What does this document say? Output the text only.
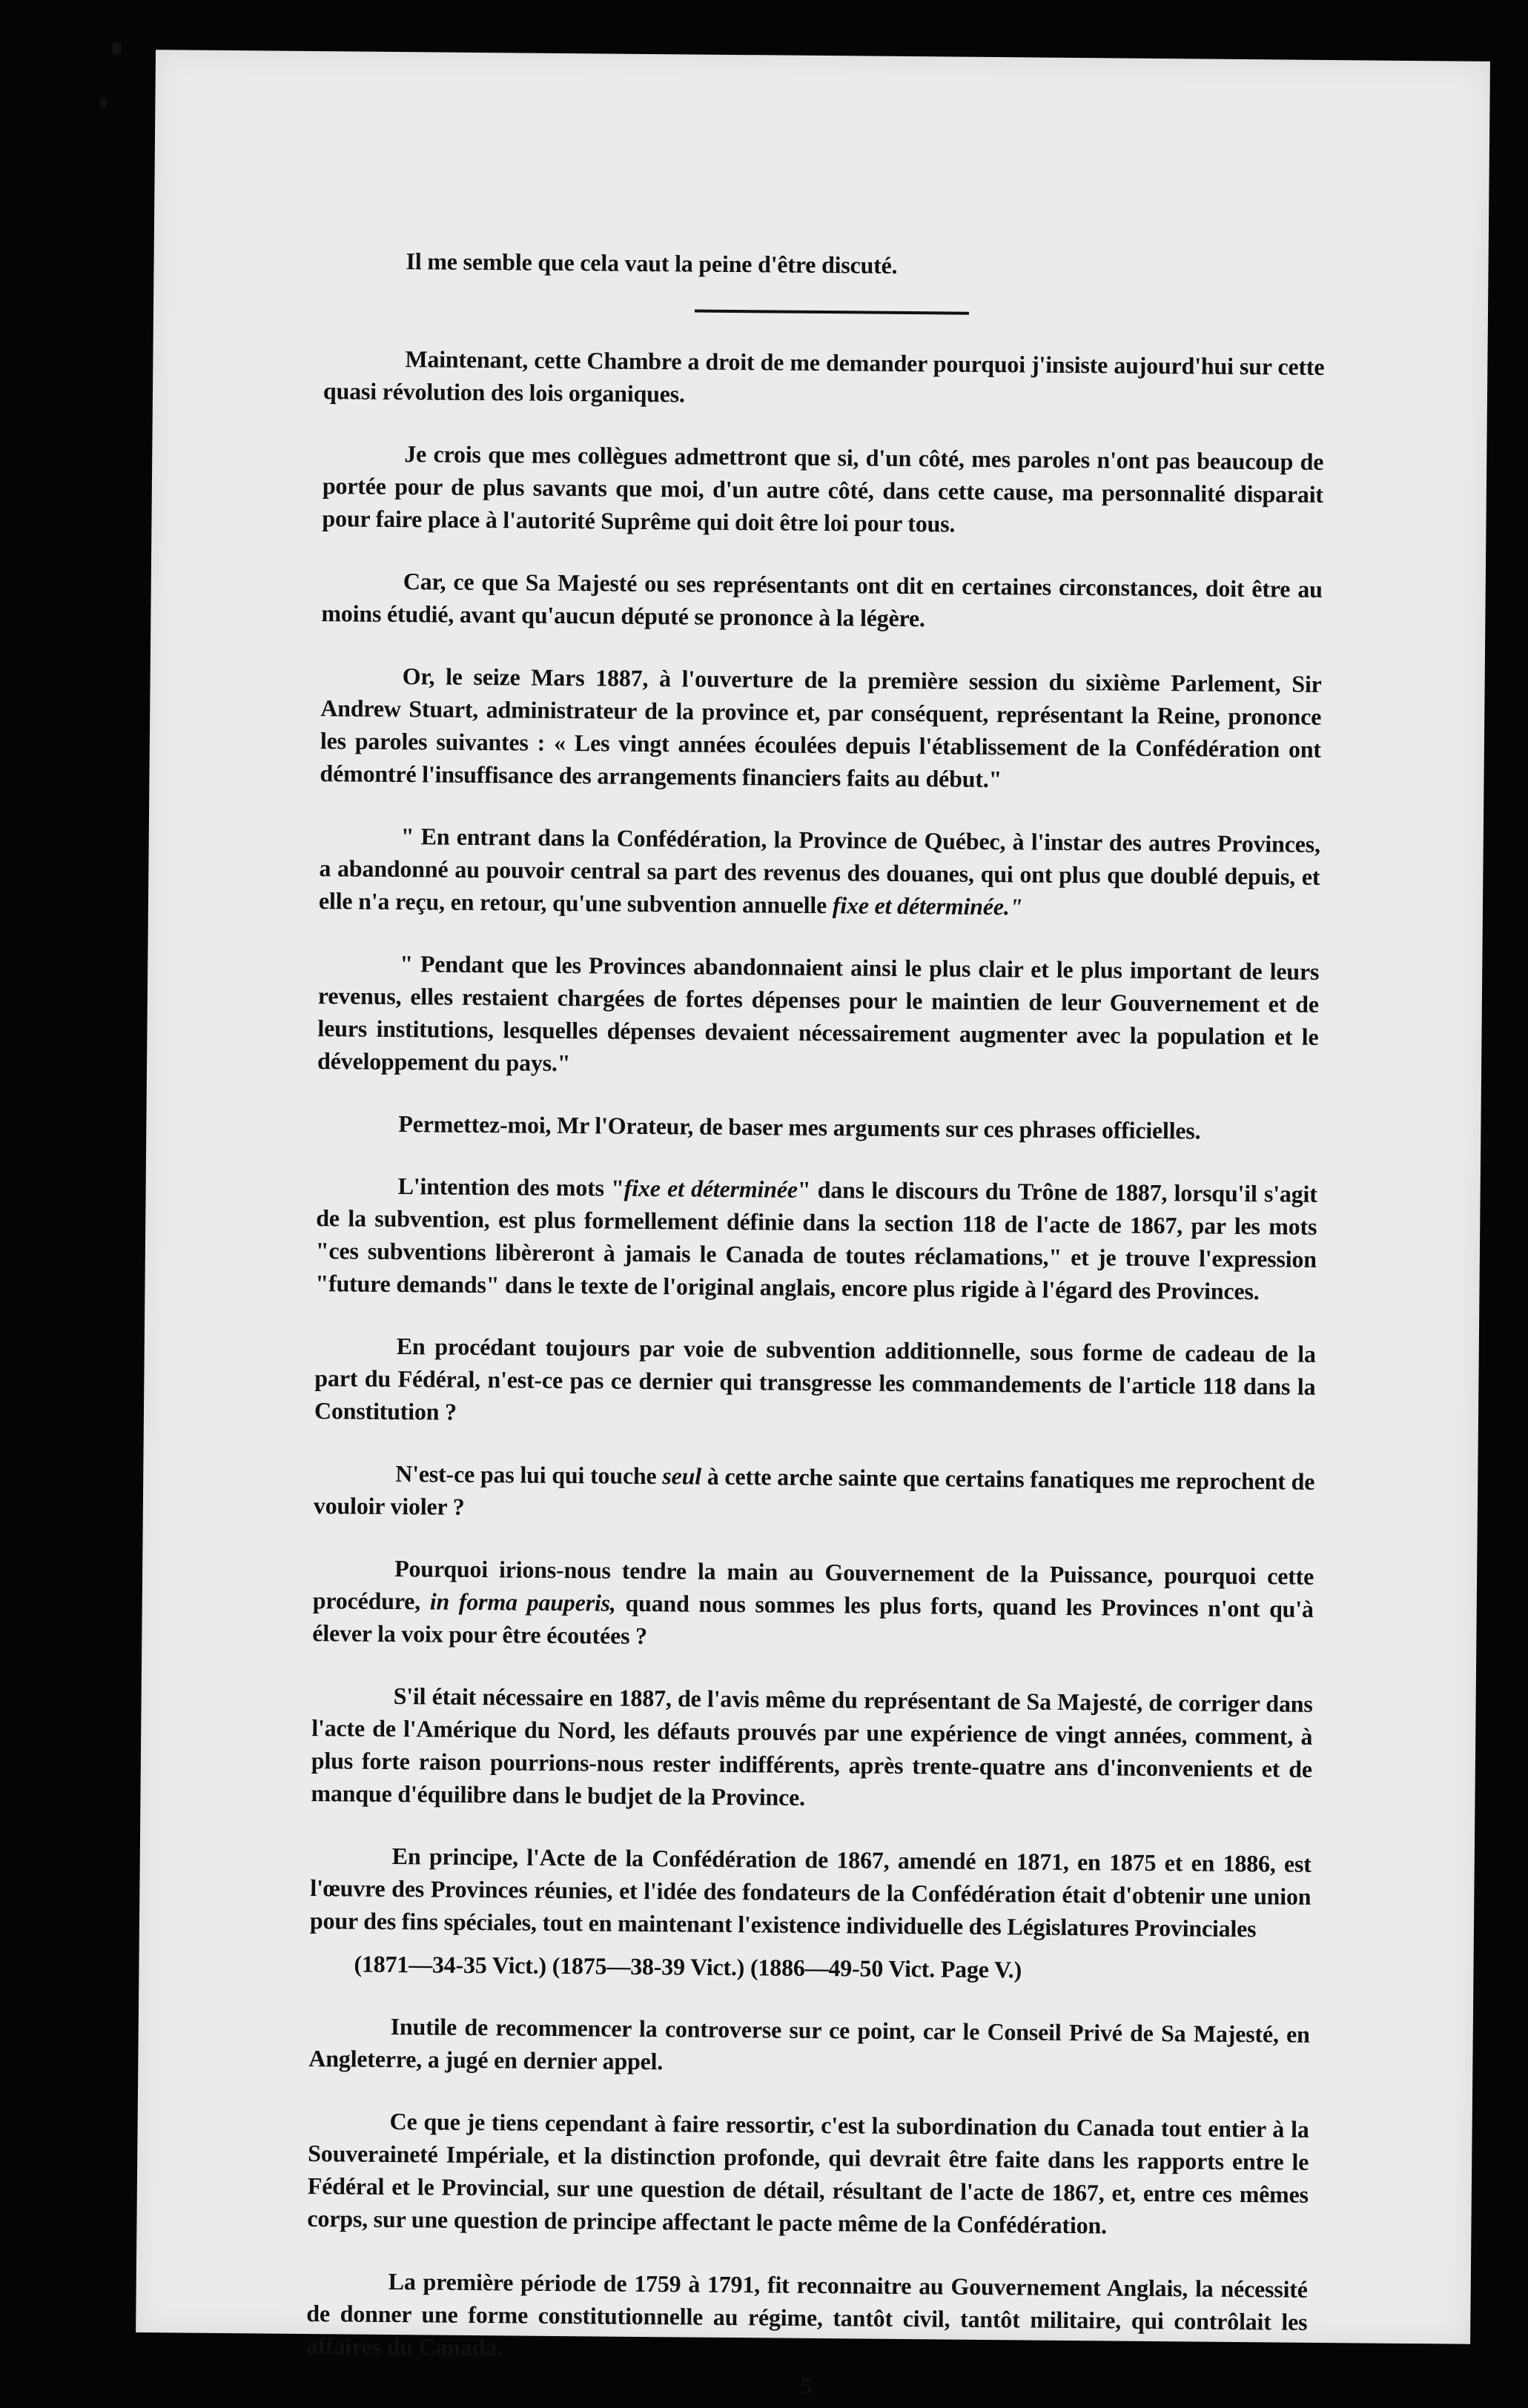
Il me semble que cela vaut la peine d'être discuté.

Maintenant, cette Chambre a droit de me demander pourquoi j'insiste aujourd'hui sur cette quasi révolution des lois organiques.

Je crois que mes collègues admettront que si, d'un côté, mes paroles n'ont pas beaucoup de portée pour de plus savants que moi, d'un autre côté, dans cette cause, ma personnalité disparait pour faire place à l'autorité Suprême qui doit être loi pour tous.

Car, ce que Sa Majesté ou ses représentants ont dit en certaines circonstances, doit être au moins étudié, avant qu'aucun député se prononce à la légère.

Or, le seize Mars 1887, à l'ouverture de la première session du sixième Parlement, Sir Andrew Stuart, administrateur de la province et, par conséquent, représentant la Reine, prononce les paroles suivantes : « Les vingt années écoulées depuis l'établissement de la Confédération ont démontré l'insuffisance des arrangements financiers faits au début."

" En entrant dans la Confédération, la Province de Québec, à l'instar des autres Provinces, a abandonné au pouvoir central sa part des revenus des douanes, qui ont plus que doublé depuis, et elle n'a reçu, en retour, qu'une subvention annuelle fixe et déterminée."

" Pendant que les Provinces abandonnaient ainsi le plus clair et le plus important de leurs revenus, elles restaient chargées de fortes dépenses pour le maintien de leur Gouvernement et de leurs institutions, lesquelles dépenses devaient nécessairement augmenter avec la population et le développement du pays."

Permettez-moi, Mr l'Orateur, de baser mes arguments sur ces phrases officielles.

L'intention des mots "fixe et déterminée" dans le discours du Trône de 1887, lorsqu'il s'agit de la subvention, est plus formellement définie dans la section 118 de l'acte de 1867, par les mots "ces subventions libèreront à jamais le Canada de toutes réclamations," et je trouve l'expression "future demands" dans le texte de l'original anglais, encore plus rigide à l'égard des Provinces.

En procédant toujours par voie de subvention additionnelle, sous forme de cadeau de la part du Fédéral, n'est-ce pas ce dernier qui transgresse les commandements de l'article 118 dans la Constitution ?

N'est-ce pas lui qui touche seul à cette arche sainte que certains fanatiques me reprochent de vouloir violer ?

Pourquoi irions-nous tendre la main au Gouvernement de la Puissance, pourquoi cette procédure, in forma pauperis, quand nous sommes les plus forts, quand les Provinces n'ont qu'à élever la voix pour être écoutées ?

S'il était nécessaire en 1887, de l'avis même du représentant de Sa Majesté, de corriger dans l'acte de l'Amérique du Nord, les défauts prouvés par une expérience de vingt années, comment, à plus forte raison pourrions-nous rester indifférents, après trente-quatre ans d'inconvenients et de manque d'équilibre dans le budjet de la Province.

En principe, l'Acte de la Confédération de 1867, amendé en 1871, en 1875 et en 1886, est l'œuvre des Provinces réunies, et l'idée des fondateurs de la Confédération était d'obtenir une union pour des fins spéciales, tout en maintenant l'existence individuelle des Législatures Provinciales

(1871—34-35 Vict.) (1875—38-39 Vict.) (1886—49-50 Vict. Page V.)

Inutile de recommencer la controverse sur ce point, car le Conseil Privé de Sa Majesté, en Angleterre, a jugé en dernier appel.

Ce que je tiens cependant à faire ressortir, c'est la subordination du Canada tout entier à la Souveraineté Impériale, et la distinction profonde, qui devrait être faite dans les rapports entre le Fédéral et le Provincial, sur une question de détail, résultant de l'acte de 1867, et, entre ces mêmes corps, sur une question de principe affectant le pacte même de la Confédération.

La première période de 1759 à 1791, fit reconnaitre au Gouvernement Anglais, la nécessité de donner une forme constitutionnelle au régime, tantôt civil, tantôt militaire, qui contrôlait les affaires du Canada.

5
